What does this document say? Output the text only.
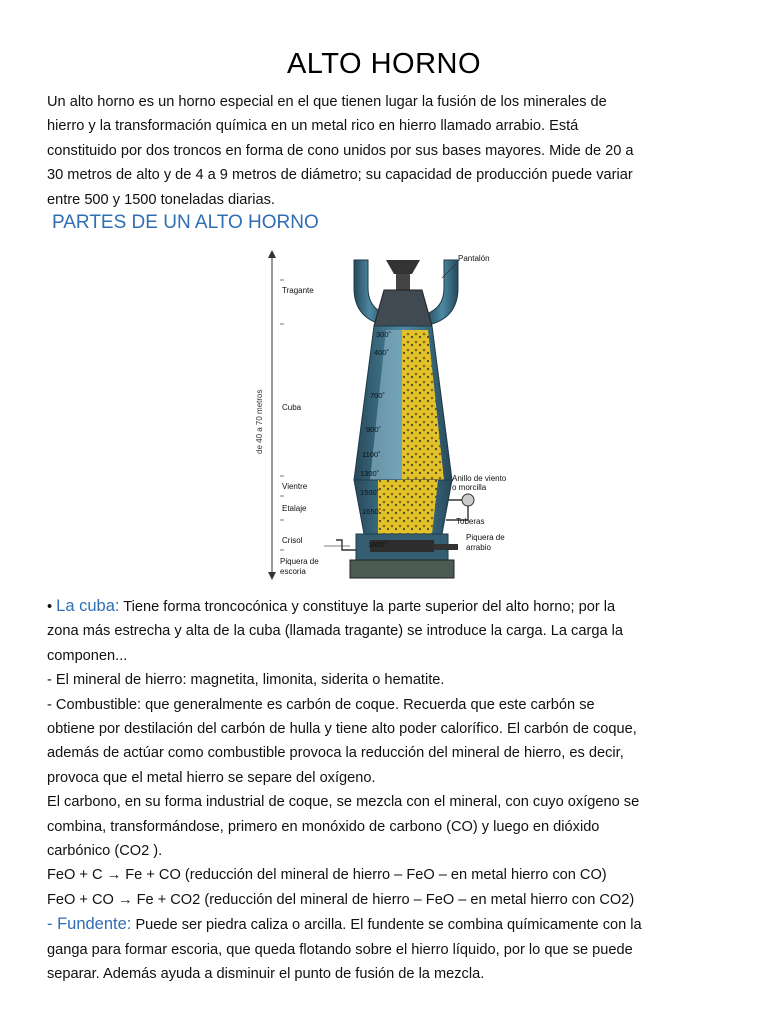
ALTO HORNO
Un alto horno es un horno especial en el que tienen lugar la fusión de los minerales de
hierro y la transformación química en un metal rico en hierro llamado arrabio. Está
constituido por dos troncos en forma de cono unidos por sus bases mayores. Mide de 20 a
30 metros de alto y de 4 a 9 metros de diámetro; su capacidad de producción puede variar
entre 500 y 1500 toneladas diarias.
PARTES DE UN ALTO HORNO
de 40 a 70 metros
300˚
400˚
700˚
900˚
1100˚
1300˚
1500˚
1650˚
1600˚
Tragante
Cuba
Vientre
Etalaje
Crisol
Piquera de
escoria
Pantalón
Anillo de viento
o morcilla
Toberas
Piquera de
arrabio
• La cuba: Tiene forma troncocónica y constituye la parte superior del alto horno; por la
zona más estrecha y alta de la cuba (llamada tragante) se introduce la carga. La carga la
componen...
- El mineral de hierro: magnetita, limonita, siderita o hematite.
- Combustible: que generalmente es carbón de coque. Recuerda que este carbón se
obtiene por destilación del carbón de hulla y tiene alto poder calorífico. El carbón de coque,
además de actúar como combustible provoca la reducción del mineral de hierro, es decir,
provoca que el metal hierro se separe del oxígeno.
El carbono, en su forma industrial de coque, se mezcla con el mineral, con cuyo oxígeno se
combina, transformándose, primero en monóxido de carbono (CO) y luego en dióxido
carbónico (CO2 ).
FeO + C → Fe + CO (reducción del mineral de hierro – FeO – en metal hierro con CO)
FeO + CO → Fe + CO2 (reducción del mineral de hierro – FeO – en metal hierro con CO2)
- Fundente: Puede ser piedra caliza o arcilla. El fundente se combina químicamente con la
ganga para formar escoria, que queda flotando sobre el hierro líquido, por lo que se puede
separar. Además ayuda a disminuir el punto de fusión de la mezcla.
